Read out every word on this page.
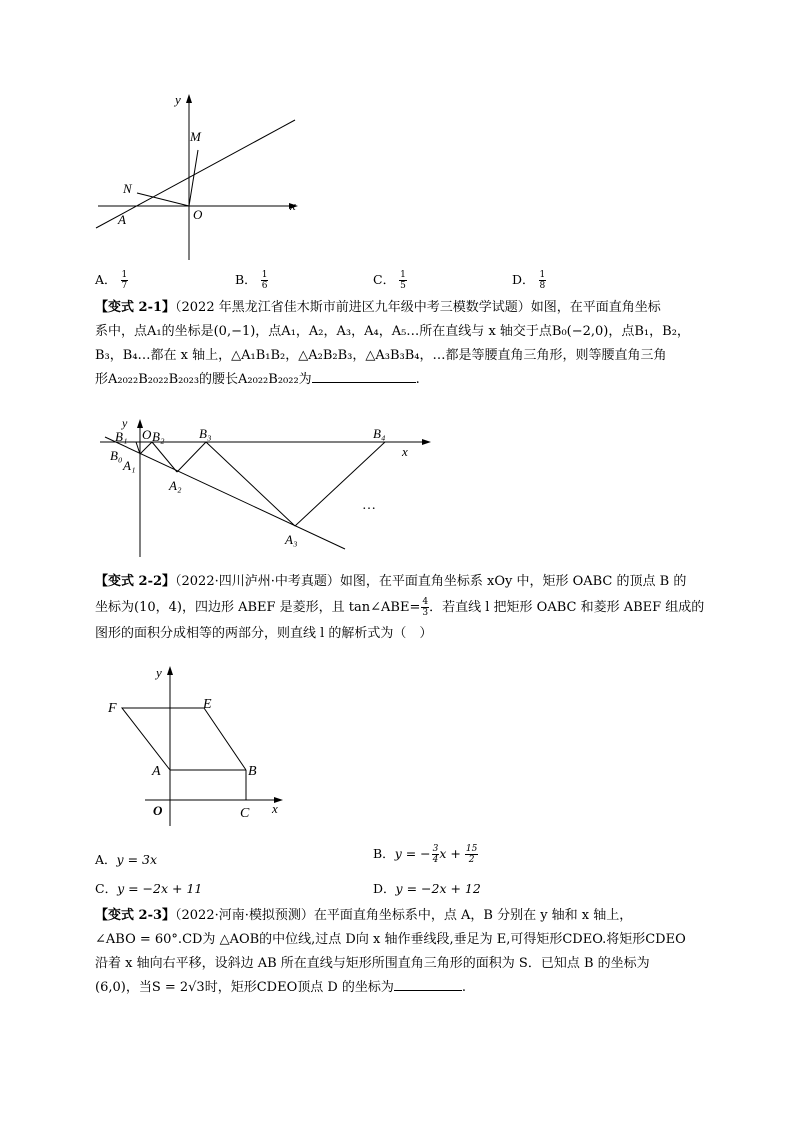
y
x
M
N
A	O
A． $\frac{1}{7}$	B． $\frac{1}{6}$	C． $\frac{1}{5}$	D． $\frac{1}{8}$
【变式 2-1】（2022 年黑龙江省佳木斯市前进区九年级中考三模数学试题）如图，在平面直角坐标
系中，点A₁的坐标是(0,−1)，点A₁，A₂，A₃，A₄，A₅…所在直线与 x 轴交于点B₀(−2,0)，点B₁，B₂，
B₃，B₄…都在 x 轴上，△A₁B₁B₂，△A₂B₂B₃，△A₃B₃B₄，…都是等腰直角三角形，则等腰直角三角
形A₂₀₂₂B₂₀₂₂B₂₀₂₃的腰长A₂₀₂₂B₂₀₂₂为	.
y
x
B₁ O B₂	B₃	B₄
B₀
A₁
A₂
A₃
…
【变式 2-2】（2022·四川泸州·中考真题）如图，在平面直角坐标系 xOy 中，矩形 OABC 的顶点 B 的
坐标为(10，4)，四边形 ABEF 是菱形，且 tan∠ABE= $\frac{4}{3}$ ．若直线 l 把矩形 OABC 和菱形 ABEF 组成的
图形的面积分成相等的两部分，则直线 l 的解析式为（　）
y
x
F	E
A	B
O	C
A．y = 3x	B．y = − $\frac{3}{4}$ $x + \frac{15}{2}$
C．y = −2x + 11	D．y = −2x + 12
【变式 2-3】（2022·河南·模拟预测）在平面直角坐标系中，点 A，B 分别在 y 轴和 x 轴上，
∠ABO = 60°.CD为 △AOB的中位线,过点 D向 x 轴作垂线段,垂足为 E,可得矩形CDEO.将矩形CDEO
沿着 x 轴向右平移，设斜边 AB 所在直线与矩形所围直角三角形的面积为 S．已知点 B 的坐标为
(6,0)，当S = 2√3时，矩形CDEO顶点 D 的坐标为	.
